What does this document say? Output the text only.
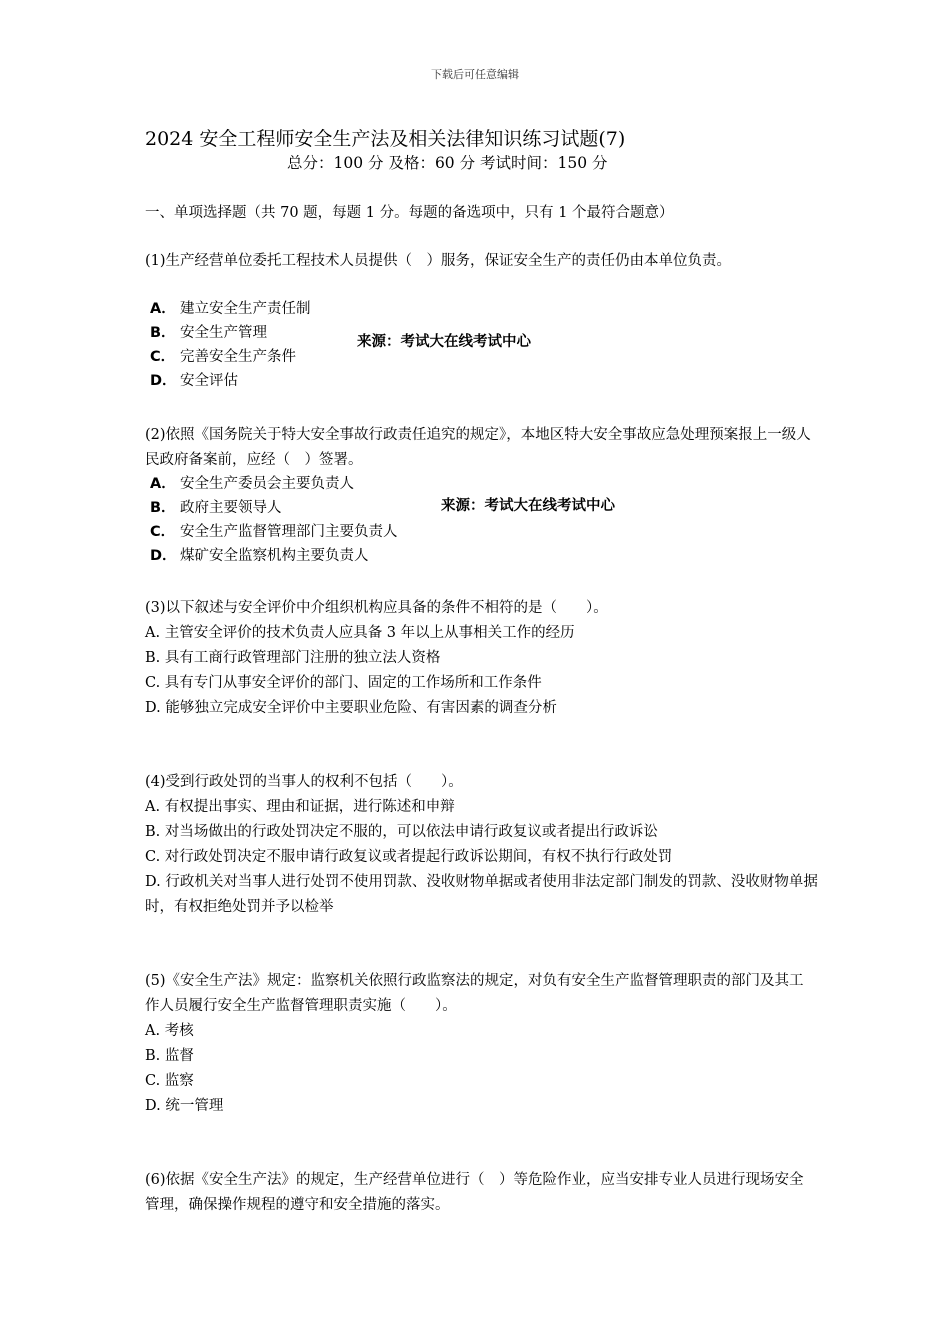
下载后可任意编辑
2024 安全工程师安全生产法及相关法律知识练习试题(7)
总分：100 分 及格：60 分 考试时间：150 分
一、单项选择题（共 70 题，每题 1 分。每题的备选项中，只有 1 个最符合题意）
(1)生产经营单位委托工程技术人员提供（　）服务，保证安全生产的责任仍由本单位负责。
A． 建立安全生产责任制
B． 安全生产管理
C． 完善安全生产条件
D． 安全评估
来源：考试大在线考试中心
(2)依照《国务院关于特大安全事故行政责任追究的规定》，本地区特大安全事故应急处理预案报上一级人民政府备案前，应经（　）签署。
A． 安全生产委员会主要负责人
B． 政府主要领导人
C． 安全生产监督管理部门主要负责人
D． 煤矿安全监察机构主要负责人
来源：考试大在线考试中心
(3)以下叙述与安全评价中介组织机构应具备的条件不相符的是（　　）。
A. 主管安全评价的技术负责人应具备 3 年以上从事相关工作的经历
B. 具有工商行政管理部门注册的独立法人资格
C. 具有专门从事安全评价的部门、固定的工作场所和工作条件
D. 能够独立完成安全评价中主要职业危险、有害因素的调查分析
(4)受到行政处罚的当事人的权利不包括（　　）。
A. 有权提出事实、理由和证据，进行陈述和申辩
B. 对当场做出的行政处罚决定不服的，可以依法申请行政复议或者提出行政诉讼
C. 对行政处罚决定不服申请行政复议或者提起行政诉讼期间，有权不执行行政处罚
D. 行政机关对当事人进行处罚不使用罚款、没收财物单据或者使用非法定部门制发的罚款、没收财物单据时，有权拒绝处罚并予以检举
(5)《安全生产法》规定：监察机关依照行政监察法的规定，对负有安全生产监督管理职责的部门及其工作人员履行安全生产监督管理职责实施（　　）。
A. 考核
B. 监督
C. 监察
D. 统一管理
(6)依据《安全生产法》的规定，生产经营单位进行（　）等危险作业，应当安排专业人员进行现场安全管理，确保操作规程的遵守和安全措施的落实。
